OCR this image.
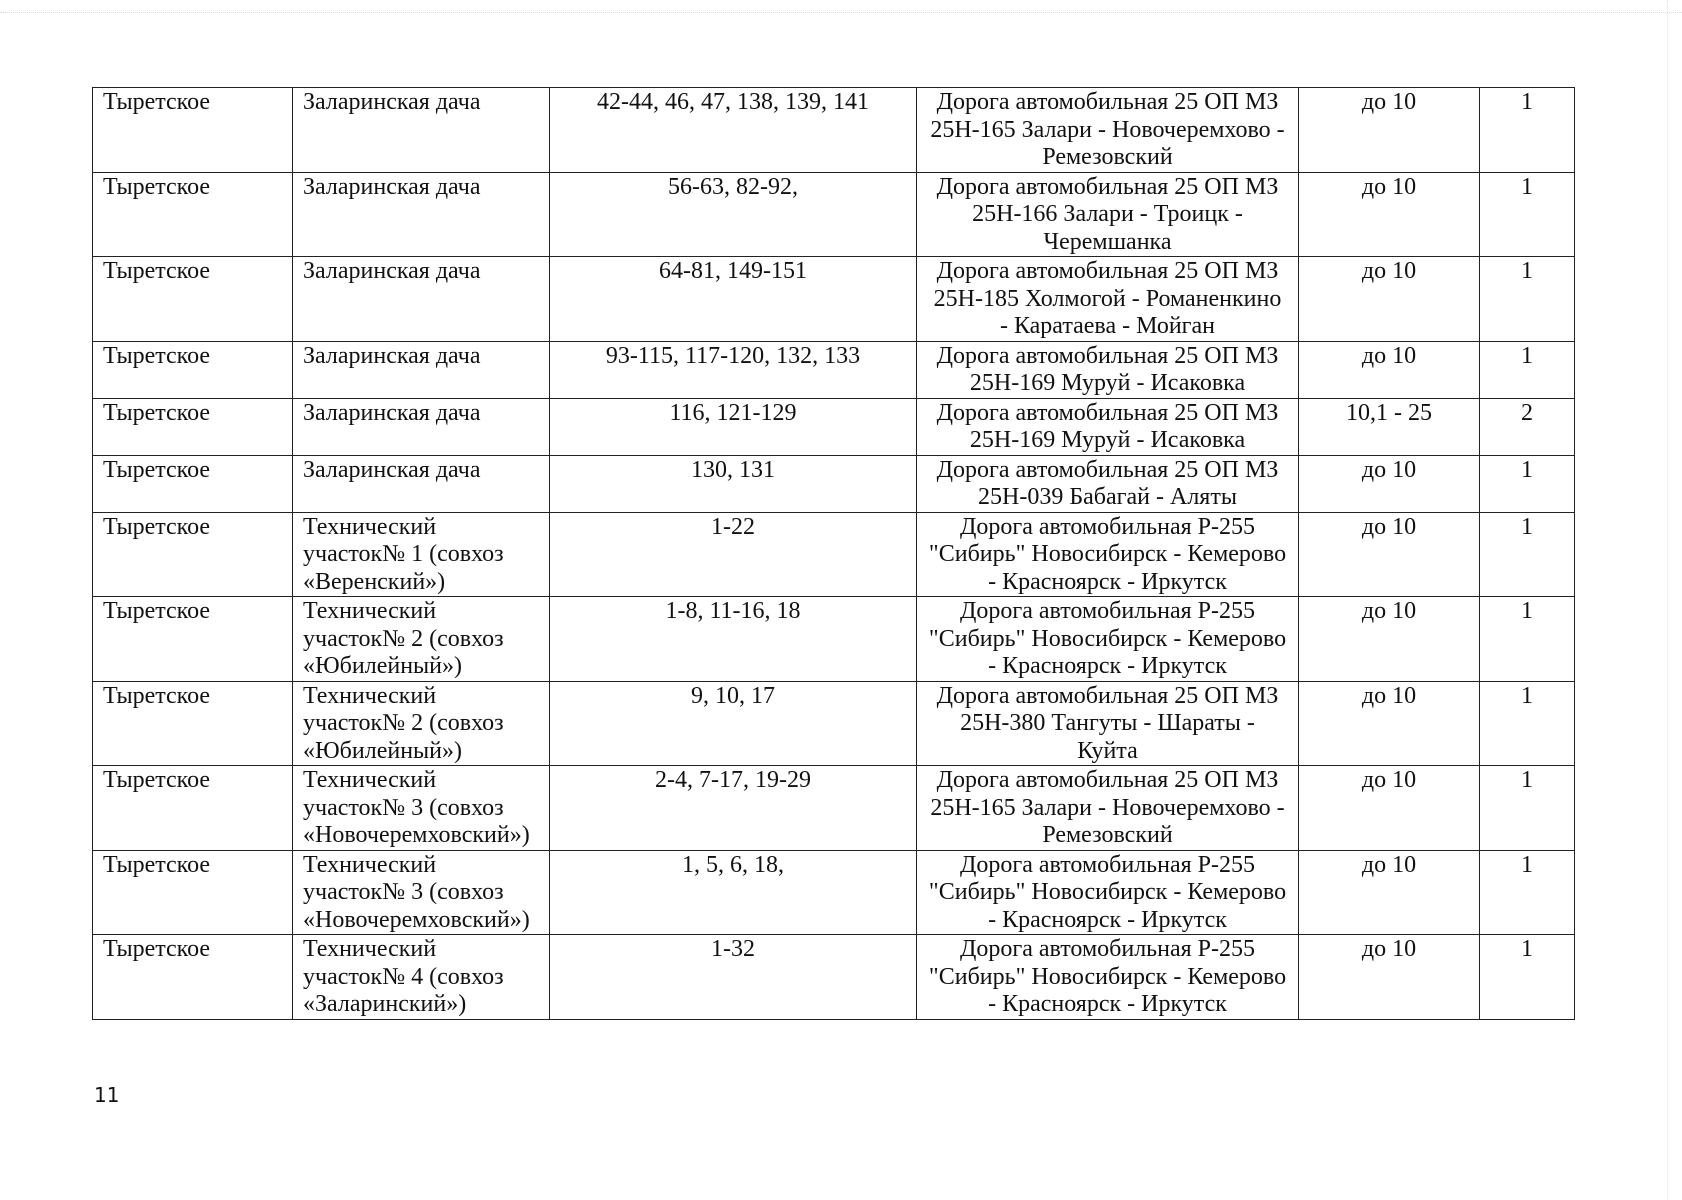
Тыретское	Заларинская дача	42-44, 46, 47, 138, 139, 141	Дорога автомобильная 25 ОП МЗ 25Н-165 Залари - Новочеремхово - Ремезовский	до 10	1
Тыретское	Заларинская дача	56-63, 82-92,	Дорога автомобильная 25 ОП МЗ 25Н-166 Залари - Троицк - Черемшанка	до 10	1
Тыретское	Заларинская дача	64-81, 149-151	Дорога автомобильная 25 ОП МЗ 25Н-185 Холмогой - Романенкино - Каратаева - Мойган	до 10	1
Тыретское	Заларинская дача	93-115, 117-120, 132, 133	Дорога автомобильная 25 ОП МЗ 25Н-169 Муруй - Исаковка	до 10	1
Тыретское	Заларинская дача	116, 121-129	Дорога автомобильная 25 ОП МЗ 25Н-169 Муруй - Исаковка	10,1 - 25	2
Тыретское	Заларинская дача	130, 131	Дорога автомобильная 25 ОП МЗ 25Н-039 Бабагай - Аляты	до 10	1
Тыретское	Технический участок№ 1 (совхоз «Веренский»)	1-22	Дорога автомобильная Р-255 "Сибирь" Новосибирск - Кемерово - Красноярск - Иркутск	до 10	1
Тыретское	Технический участок№ 2 (совхоз «Юбилейный»)	1-8, 11-16, 18	Дорога автомобильная Р-255 "Сибирь" Новосибирск - Кемерово - Красноярск - Иркутск	до 10	1
Тыретское	Технический участок№ 2 (совхоз «Юбилейный»)	9, 10, 17	Дорога автомобильная 25 ОП МЗ 25Н-380 Тангуты - Шараты - Куйта	до 10	1
Тыретское	Технический участок№ 3 (совхоз «Новочеремховский»)	2-4, 7-17, 19-29	Дорога автомобильная 25 ОП МЗ 25Н-165 Залари - Новочеремхово - Ремезовский	до 10	1
Тыретское	Технический участок№ 3 (совхоз «Новочеремховский»)	1, 5, 6, 18,	Дорога автомобильная Р-255 "Сибирь" Новосибирск - Кемерово - Красноярск - Иркутск	до 10	1
Тыретское	Технический участок№ 4 (совхоз «Заларинский»)	1-32	Дорога автомобильная Р-255 "Сибирь" Новосибирск - Кемерово - Красноярск - Иркутск	до 10	1
11
